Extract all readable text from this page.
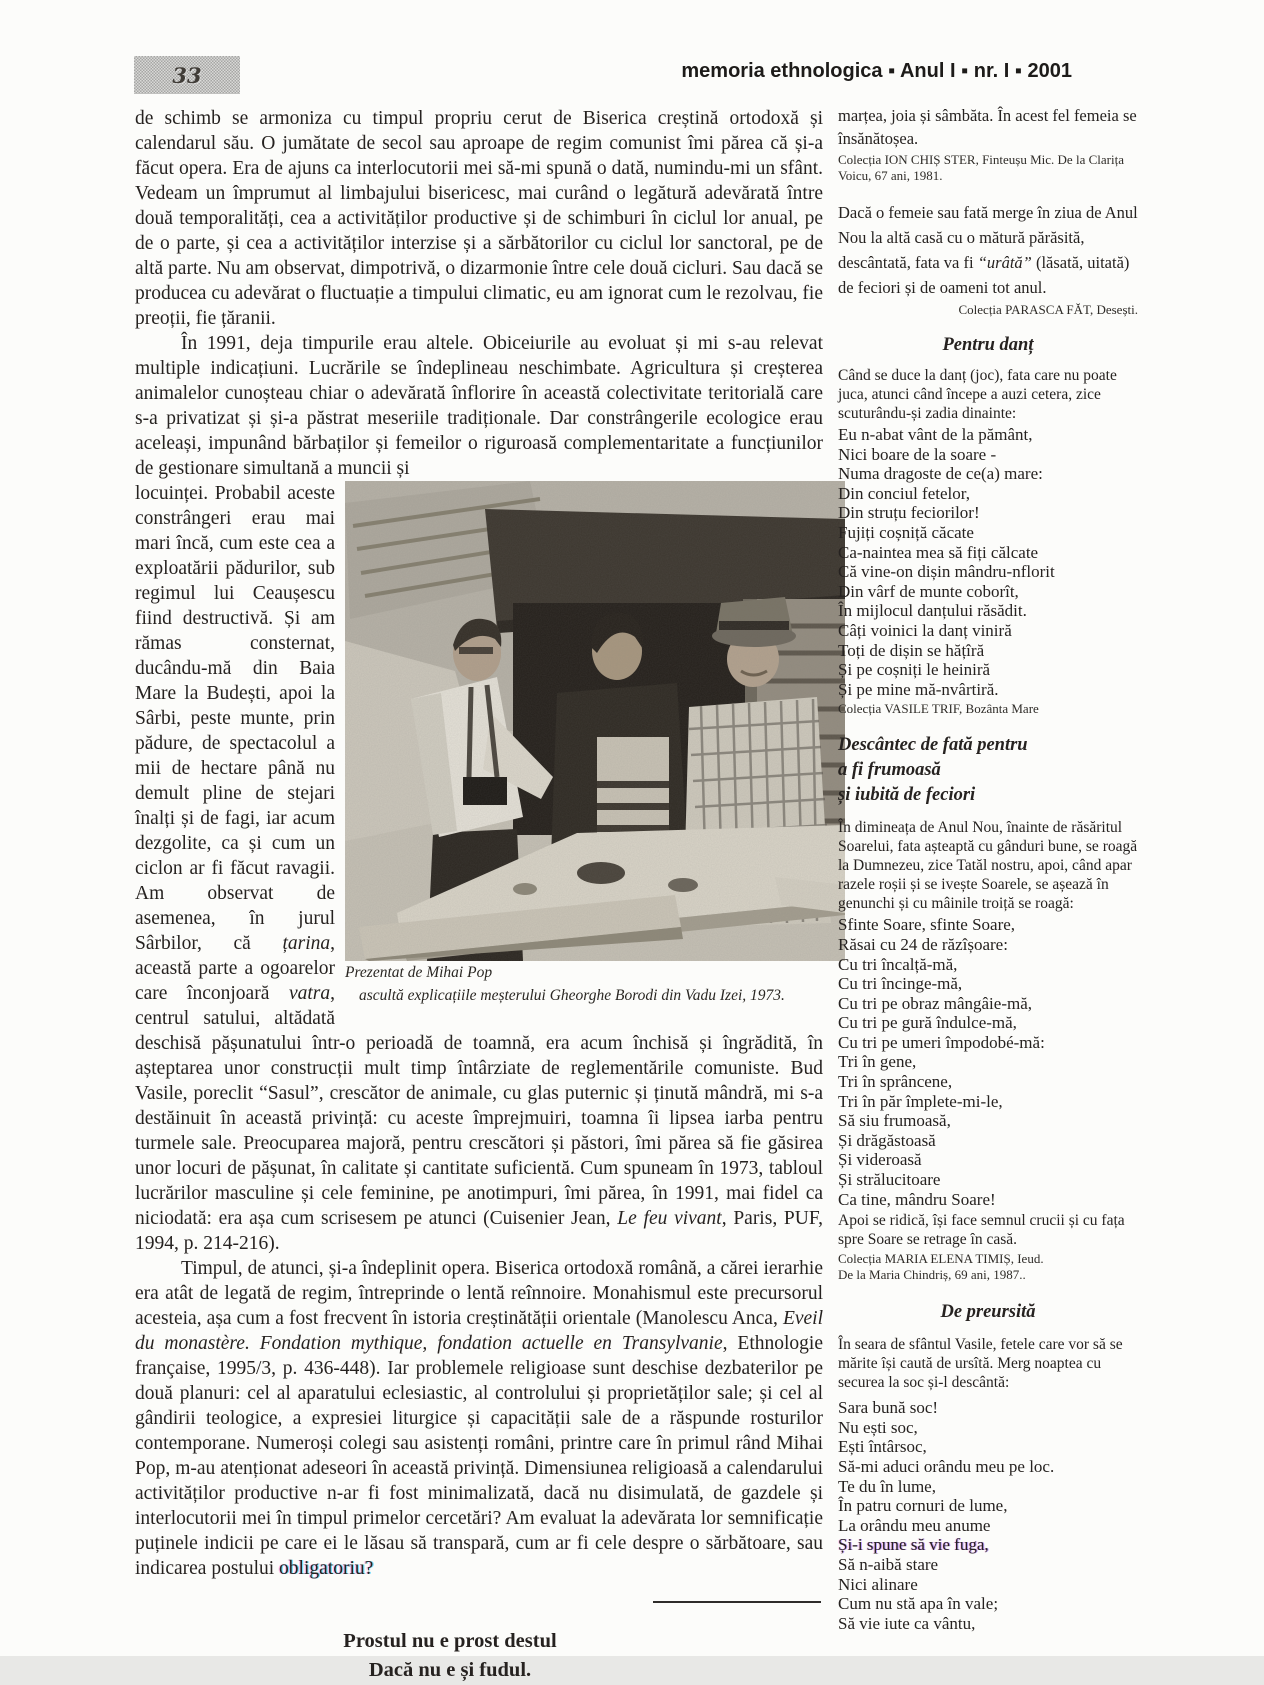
33	memoria ethnologica ▪ Anul I ▪ nr. I ▪ 2001

de schimb se armoniza cu timpul propriu cerut de Biserica creștină ortodoxă și calendarul său. O jumătate de secol sau aproape de regim comunist îmi părea că și-a făcut opera. Era de ajuns ca interlocutorii mei să-mi spună o dată, numindu-mi un sfânt. Vedeam un împrumut al limbajului bisericesc, mai curând o legătură adevărată între două temporalități, cea a activităților productive și de schimburi în ciclul lor anual, pe de o parte, și cea a activităților interzise și a sărbătorilor cu ciclul lor sanctoral, pe de altă parte. Nu am observat, dimpotrivă, o dizarmonie între cele două cicluri. Sau dacă se producea cu adevărat o fluctuație a timpului climatic, eu am ignorat cum le rezolvau, fie preoții, fie țăranii.

În 1991, deja timpurile erau altele. Obiceiurile au evoluat și mi s-au relevat multiple indicațiuni. Lucrările se îndeplineau neschimbate. Agricultura și creșterea animalelor cunoșteau chiar o adevărată înflorire în această colectivitate teritorială care s-a privatizat și și-a păstrat meseriile tradiționale. Dar constrângerile ecologice erau aceleași, impunând bărbaților și femeilor o riguroasă complementaritate a funcțiunilor de gestionare simultană a muncii și

Prezentat de Mihai Pop
ascultă explicațiile meșterului Gheorghe Borodi din Vadu Izei, 1973.

locuinței. Probabil aceste constrângeri erau mai mari încă, cum este cea a exploatării pădurilor, sub regimul lui Ceaușescu fiind destructivă. Și am rămas consternat, ducându-mă din Baia Mare la Budești, apoi la Sârbi, peste munte, prin pădure, de spectacolul a mii de hectare până nu demult pline de stejari înalți și de fagi, iar acum dezgolite, ca și cum un ciclon ar fi făcut ravagii. Am observat de asemenea, în jurul Sârbilor, că țarina, această parte a ogoarelor care înconjoară vatra, centrul satului, altădată deschisă pășunatului într-o perioadă de toamnă, era acum închisă și îngrădită, în așteptarea unor construcții mult timp întârziate de reglementările comuniste. Bud Vasile, poreclit “Sasul”, crescător de animale, cu glas puternic și ținută mândră, mi s-a destăinuit în această privință: cu aceste împrejmuiri, toamna îi lipsea iarba pentru turmele sale. Preocuparea majoră, pentru crescători și păstori, îmi părea să fie găsirea unor locuri de pășunat, în calitate și cantitate suficientă. Cum spuneam în 1973, tabloul lucrărilor masculine și cele feminine, pe anotimpuri, îmi părea, în 1991, mai fidel ca niciodată: era așa cum scrisesem pe atunci (Cuisenier Jean, Le feu vivant, Paris, PUF, 1994, p. 214-216).

Timpul, de atunci, și-a îndeplinit opera. Biserica ortodoxă română, a cărei ierarhie era atât de legată de regim, întreprinde o lentă reînnoire. Monahismul este precursorul acesteia, așa cum a fost frecvent în istoria creștinătății orientale (Manolescu Anca, Eveil du monastère. Fondation mythique, fondation actuelle en Transylvanie, Ethnologie française, 1995/3, p. 436-448). Iar problemele religioase sunt deschise dezbaterilor pe două planuri: cel al aparatului eclesiastic, al controlului și proprietăților sale; și cel al gândirii teologice, a expresiei liturgice și capacității sale de a răspunde rosturilor contemporane. Numeroși colegi sau asistenți români, printre care în primul rând Mihai Pop, m-au atenționat adeseori în această privință. Dimensiunea religioasă a calendarului activităților productive n-ar fi fost minimalizată, dacă nu disimulată, de gazdele și interlocutorii mei în timpul primelor cercetări? Am evaluat la adevărata lor semnificație puținele indicii pe care ei le lăsau să transpară, cum ar fi cele despre o sărbătoare, sau indicarea postului obligatoriu?

Prostul nu e prost destul
Dacă nu e și fudul.

marțea, joia și sâmbăta. În acest fel femeia se însănătoșea.

Colecția ION CHIȘ STER, Finteușu Mic. De la Clarița Voicu, 67 ani, 1981.

Dacă o femeie sau fată merge în ziua de Anul Nou la altă casă cu o mătură părăsită, descântată, fata va fi “urâtă” (lăsată, uitată) de feciori și de oameni tot anul.

Colecția PARASCA FĂT, Desești.
Pentru danț

Când se duce la danț (joc), fata care nu poate juca, atunci când începe a auzi cetera, zice scuturându-și zadia dinainte:

Eu n-abat vânt de la pământ,
Nici boare de la soare -
Numa dragoste de ce(a) mare:
Din conciul fetelor,
Din struțu feciorilor!
Fujiți coșniță căcate
Ca-naintea mea să fiți călcate
Că vine-on dișin mândru-nflorit
Din vârf de munte coborît,
În mijlocul danțului răsădit.
Câți voinici la danț viniră
Toți de dișin se hățîră
Și pe coșniți le heiniră
Și pe mine mă-nvârtiră.
Colecția VASILE TRIF, Bozânta Mare
Descântec de fată pentru
a fi frumoasă
și iubită de feciori

În dimineața de Anul Nou, înainte de răsăritul Soarelui, fata așteaptă cu gânduri bune, se roagă la Dumnezeu, zice Tatăl nostru, apoi, când apar razele roșii și se ivește Soarele, se așează în genunchi și cu mâinile troiță se roagă:

Sfinte Soare, sfinte Soare,
Răsai cu 24 de răzîșoare:
Cu tri încalță-mă,
Cu tri încinge-mă,
Cu tri pe obraz mângâie-mă,
Cu tri pe gură îndulce-mă,
Cu tri pe umeri împodobé-mă:
Tri în gene,
Tri în sprâncene,
Tri în păr împlete-mi-le,
Să siu frumoasă,
Și drăgăstoasă
Și videroasă
Și strălucitoare
Ca tine, mândru Soare!

Apoi se ridică, își face semnul crucii și cu fața spre Soare se retrage în casă.

Colecția MARIA ELENA TIMIȘ, Ieud.
De la Maria Chindriș, 69 ani, 1987..
De preursită

În seara de sfântul Vasile, fetele care vor să se mărite își caută de ursîtă. Merg noaptea cu securea la soc și-l descântă:

Sara bună soc!
Nu ești soc,
Ești întârsoc,
Să-mi aduci orându meu pe loc.
Te du în lume,
În patru cornuri de lume,
La orându meu anume
Și-i spune să vie fuga,
Să n-aibă stare
Nici alinare
Cum nu stă apa în vale;
Să vie iute ca vântu,
